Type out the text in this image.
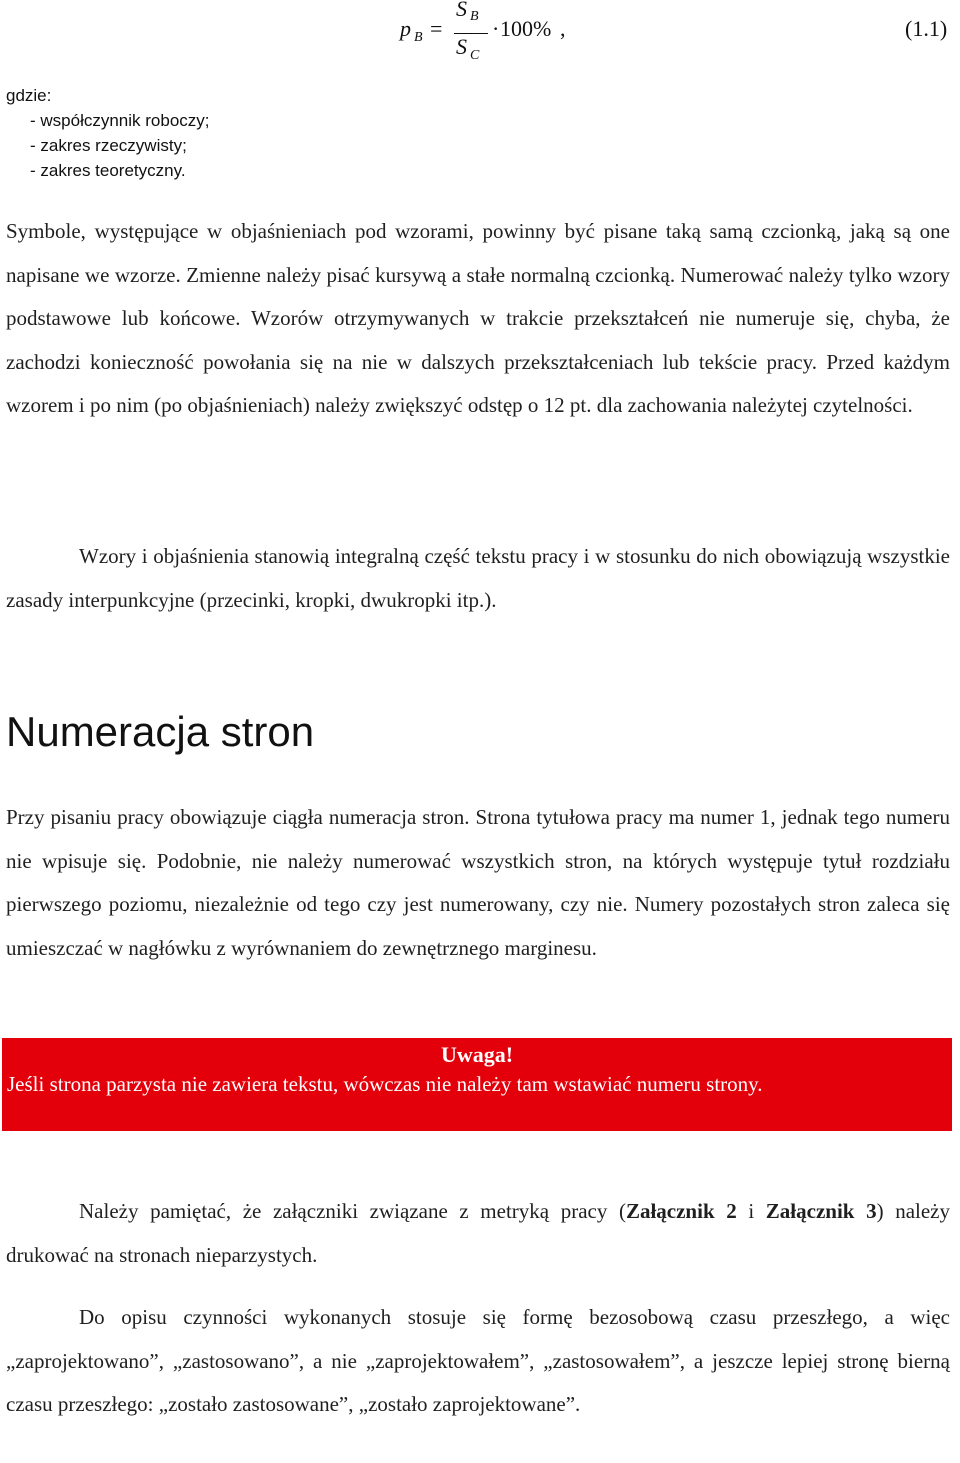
p B =
S B
S C
· 100% ,	(1.1)
gdzie:
- współczynnik roboczy;
- zakres rzeczywisty;
- zakres teoretyczny.

Symbole, występujące w objaśnieniach pod wzorami, powinny być pisane taką samą czcionką, jaką są one napisane we wzorze. Zmienne należy pisać kursywą a stałe normalną czcionką. Numerować należy tylko wzory podstawowe lub końcowe. Wzorów otrzymywanych w trakcie przekształceń nie numeruje się, chyba, że zachodzi konieczność powołania się na nie w dalszych przekształceniach lub tekście pracy. Przed każdym wzorem i po nim (po objaśnieniach) należy zwiększyć odstęp o 12 pt. dla zachowania należytej czytelności.

Wzory i objaśnienia stanowią integralną część tekstu pracy i w stosunku do nich obowiązują wszystkie zasady interpunkcyjne (przecinki, kropki, dwukropki itp.).

Numeracja stron

Przy pisaniu pracy obowiązuje ciągła numeracja stron. Strona tytułowa pracy ma numer 1, jednak tego numeru nie wpisuje się. Podobnie, nie należy numerować wszystkich stron, na których występuje tytuł rozdziału pierwszego poziomu, niezależnie od tego czy jest numerowany, czy nie. Numery pozostałych stron zaleca się umieszczać w nagłówku z wyrównaniem do zewnętrznego marginesu.

Uwaga!
Jeśli strona parzysta nie zawiera tekstu, wówczas nie należy tam wstawiać numeru strony.

Należy pamiętać, że załączniki związane z metryką pracy (Załącznik 2 i Załącznik 3) należy drukować na stronach nieparzystych.

Do opisu czynności wykonanych stosuje się formę bezosobową czasu przeszłego, a więc „zaprojektowano”, „zastosowano”, a nie „zaprojektowałem”, „zastosowałem”, a jeszcze lepiej stronę bierną czasu przeszłego: „zostało zastosowane”, „zostało zaprojektowane”.
